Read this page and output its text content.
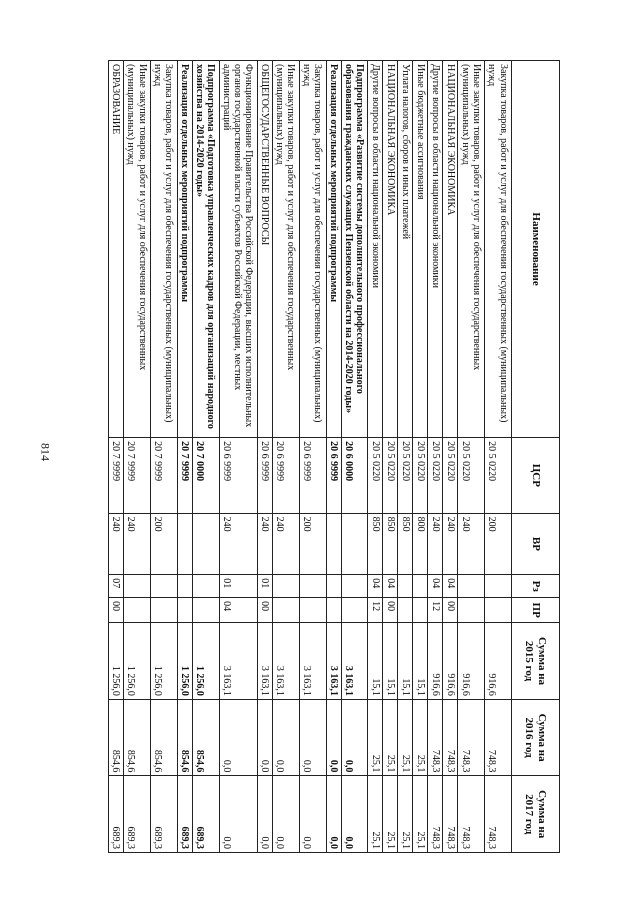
814
Наименование	ЦСР	ВР	Рз	ПР	Сумма на 2015 год	Сумма на 2016 год	Сумма на 2017 год
Закупка товаров, работ и услуг для обеспечения государственных (муниципальных) нужд	20 5 0220	200			916,6	748,3	748,3
Иные закупки товаров, работ и услуг для обеспечения государственных (муниципальных) нужд	20 5 0220	240			916,6	748,3	748,3
НАЦИОНАЛЬНАЯ ЭКОНОМИКА	20 5 0220	240	04	00	916,6	748,3	748,3
Другие вопросы в области национальной экономики	20 5 0220	240	04	12	916,6	748,3	748,3
Иные бюджетные ассигнования	20 5 0220	800			15,1	25,1	25,1
Уплата налогов, сборов и иных платежей	20 5 0220	850			15,1	25,1	25,1
НАЦИОНАЛЬНАЯ ЭКОНОМИКА	20 5 0220	850	04	00	15,1	25,1	25,1
Другие вопросы в области национальной экономики	20 5 0220	850	04	12	15,1	25,1	25,1
Подпрограмма «Развитие системы дополнительного профессионального образования гражданских служащих Пензенской области на 2014-2020 годы»	20 6 0000				3 163,1	0,0	0,0
Реализация отдельных мероприятий подпрограммы	20 6 9999				3 163,1	0,0	0,0
Закупка товаров, работ и услуг для обеспечения государственных (муниципальных) нужд	20 6 9999	200			3 163,1	0,0	0,0
Иные закупки товаров, работ и услуг для обеспечения государственных (муниципальных) нужд	20 6 9999	240			3 163,1	0,0	0,0
ОБЩЕГОСУДАРСТВЕННЫЕ ВОПРОСЫ	20 6 9999	240	01	00	3 163,1	0,0	0,0
Функционирование Правительства Российской Федерации, высших исполнительных органов государственной власти субъектов Российской Федерации, местных администраций	20 6 9999	240	01	04	3 163,1	0,0	0,0
Подпрограмма «Подготовка управленческих кадров для организаций народного хозяйства на 2014-2020 годы»	20 7 0000				1 256,0	854,6	689,3
Реализация отдельных мероприятий подпрограммы	20 7 9999				1 256,0	854,6	689,3
Закупка товаров, работ и услуг для обеспечения государственных (муниципальных) нужд	20 7 9999	200			1 256,0	854,6	689,3
Иные закупки товаров, работ и услуг для обеспечения государственных (муниципальных) нужд	20 7 9999	240			1 256,0	854,6	689,3
ОБРАЗОВАНИЕ	20 7 9999	240	07	00	1 256,0	854,6	689,3
